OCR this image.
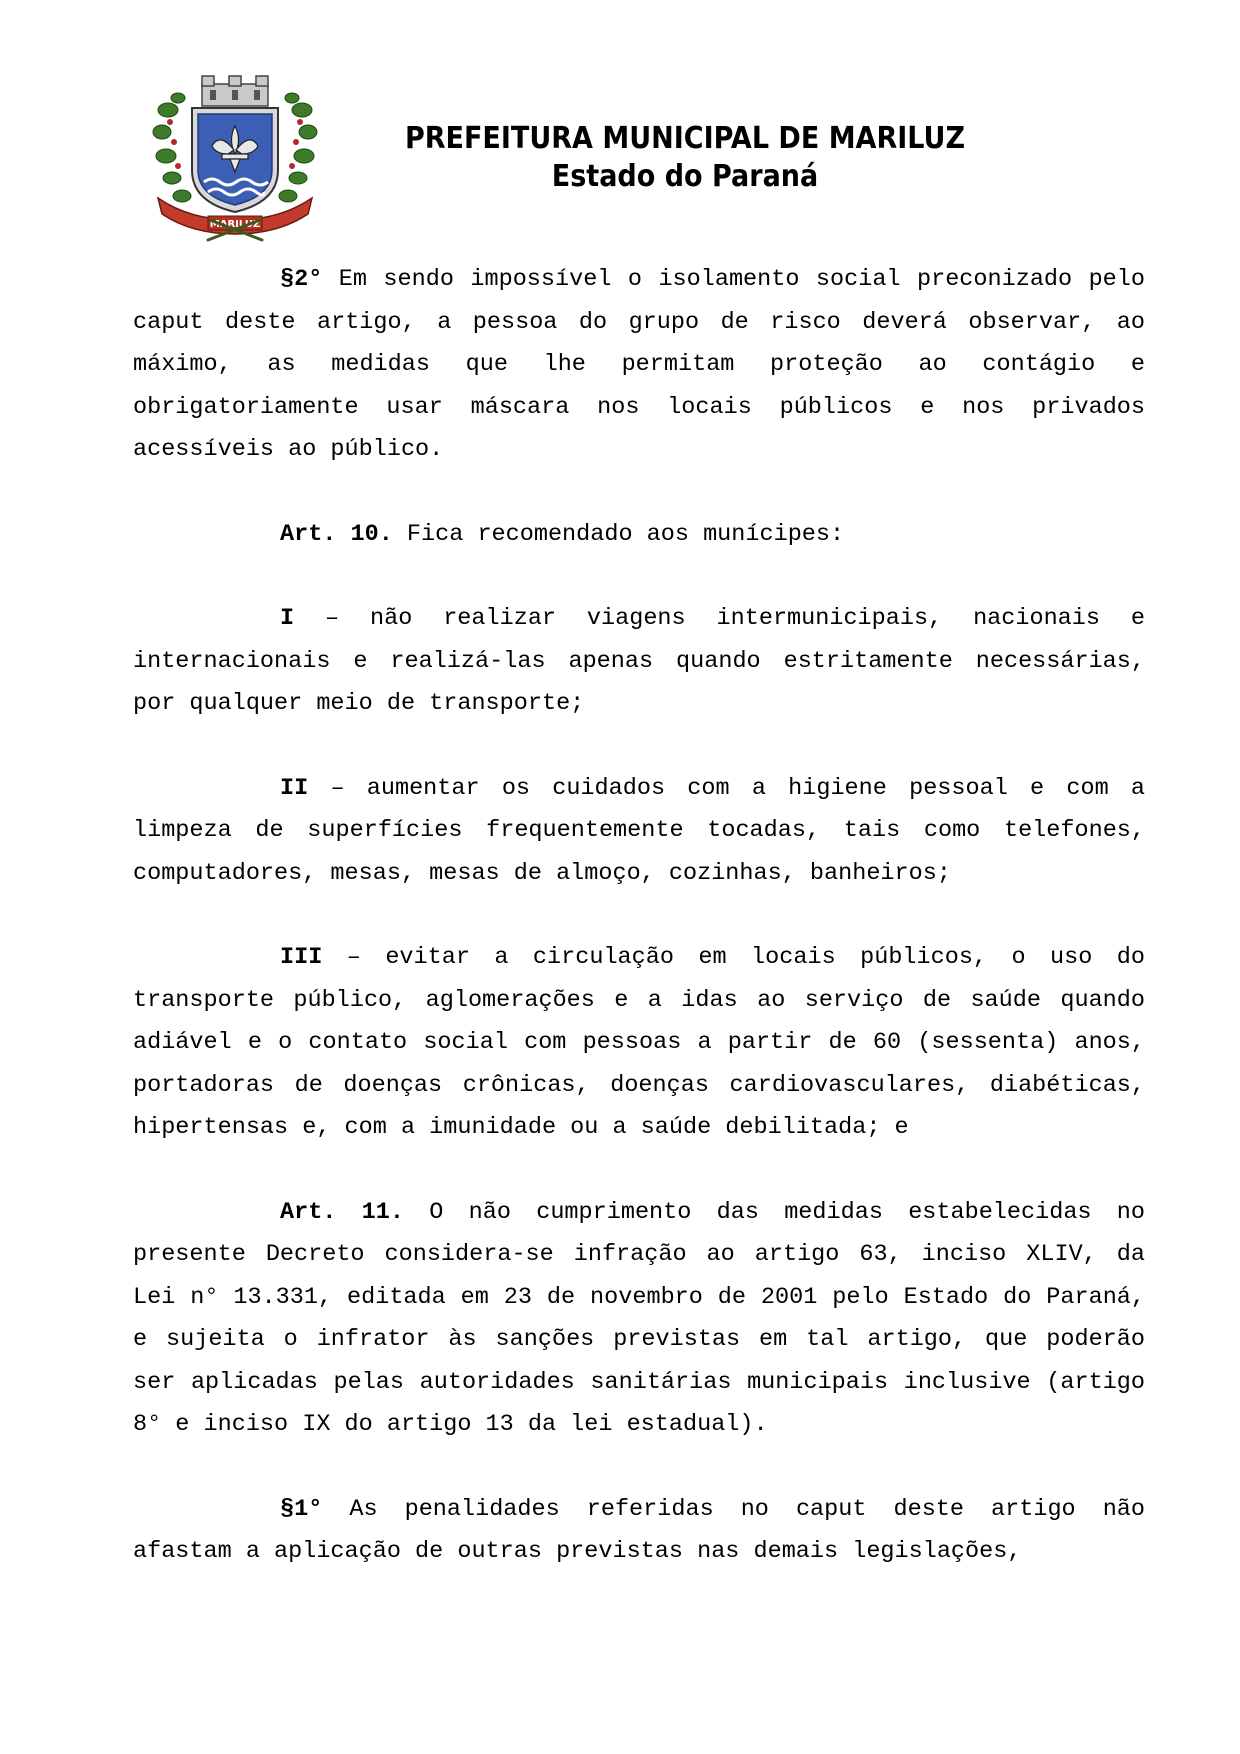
MARILUZ
PREFEITURA MUNICIPAL DE MARILUZ
Estado do Paraná

§2° Em sendo impossível o isolamento social preconizado pelo caput deste artigo, a pessoa do grupo de risco deverá observar, ao máximo, as medidas que lhe permitam proteção ao contágio e obrigatoriamente usar máscara nos locais públicos e nos privados acessíveis ao público.

Art. 10. Fica recomendado aos munícipes:

I – não realizar viagens intermunicipais, nacionais e internacionais e realizá-las apenas quando estritamente necessárias, por qualquer meio de transporte;

II – aumentar os cuidados com a higiene pessoal e com a limpeza de superfícies frequentemente tocadas, tais como telefones, computadores, mesas, mesas de almoço, cozinhas, banheiros;

III – evitar a circulação em locais públicos, o uso do transporte público, aglomerações e a idas ao serviço de saúde quando adiável e o contato social com pessoas a partir de 60 (sessenta) anos, portadoras de doenças crônicas, doenças cardiovasculares, diabéticas, hipertensas e, com a imunidade ou a saúde debilitada; e

Art. 11. O não cumprimento das medidas estabelecidas no presente Decreto considera-se infração ao artigo 63, inciso XLIV, da Lei n° 13.331, editada em 23 de novembro de 2001 pelo Estado do Paraná, e sujeita o infrator às sanções previstas em tal artigo, que poderão ser aplicadas pelas autoridades sanitárias municipais inclusive (artigo 8° e inciso IX do artigo 13 da lei estadual).

§1° As penalidades referidas no caput deste artigo não afastam a aplicação de outras previstas nas demais legislações,
